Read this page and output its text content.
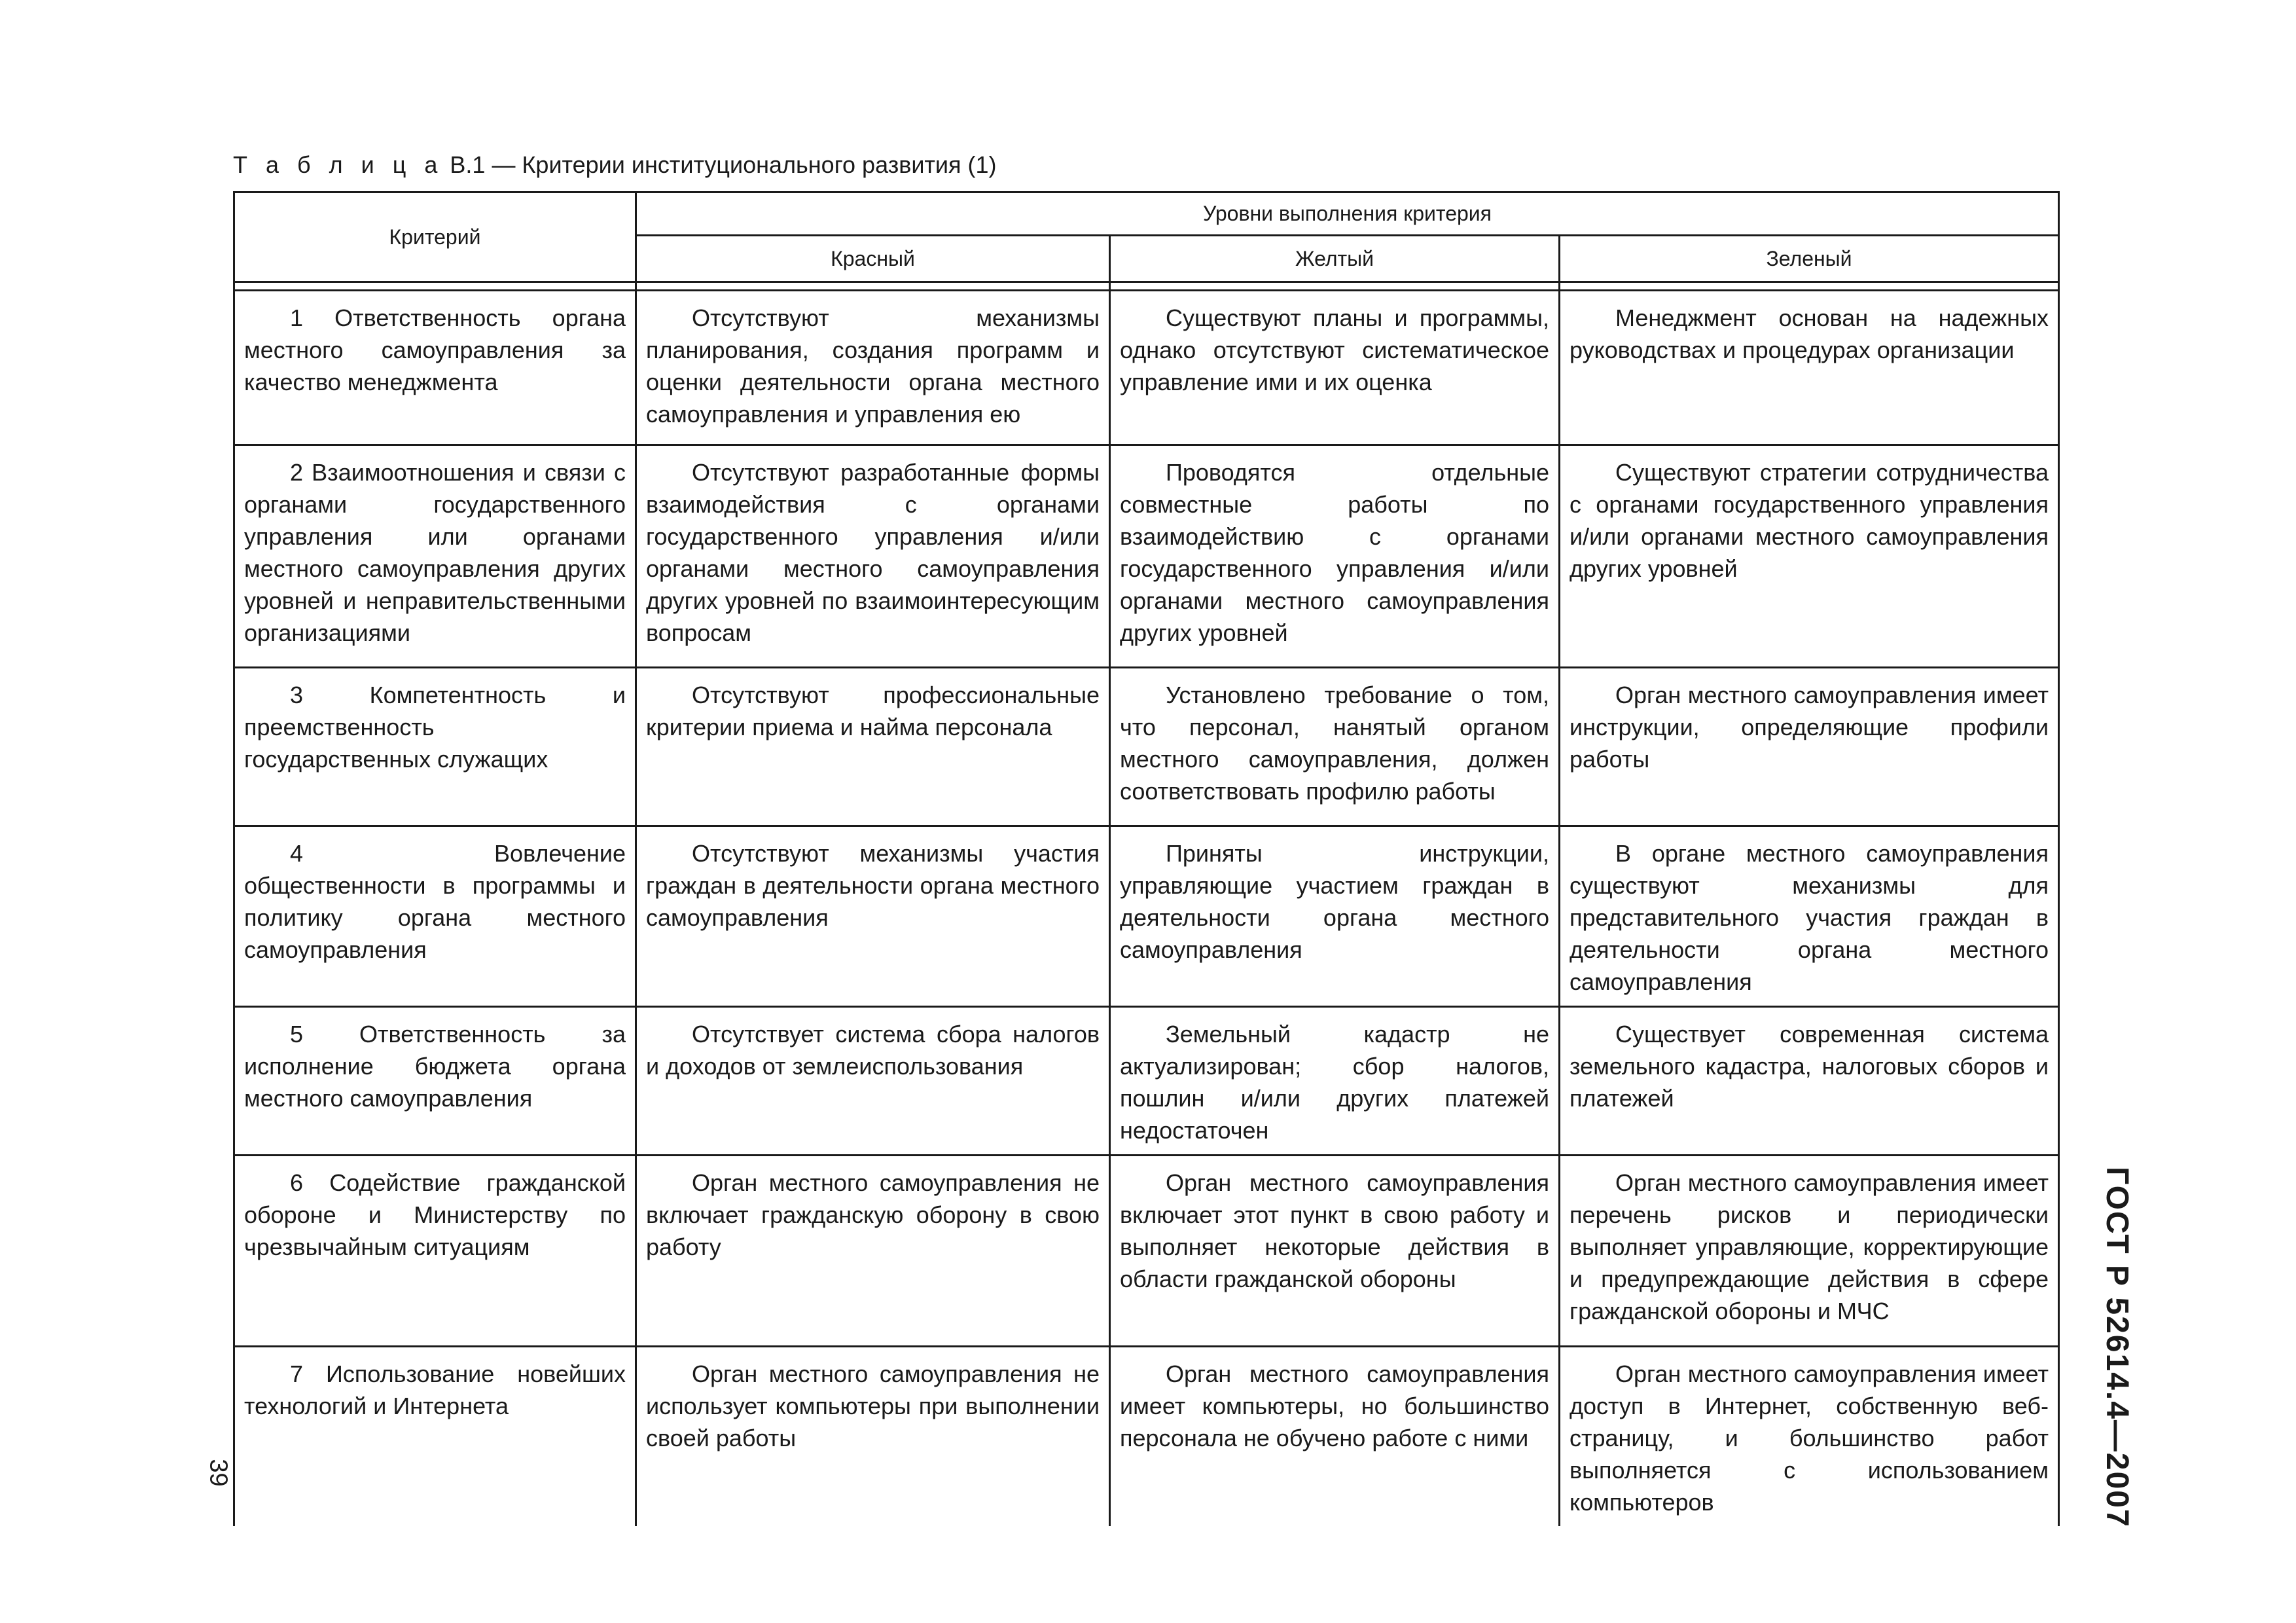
Т а б л и ц а В.1 — Критерии институционального развития (1)
Критерий	Уровни выполнения критерия		
	Красный	Желтый	Зеленый

1 Ответственность органа местного самоуправления за качество менеджмента	Отсутствуют механизмы планирования, создания программ и оценки деятельности органа местного самоуправления и управления ею	Существуют планы и программы, однако отсутствуют систематическое управление ими и их оценка	Менеджмент основан на надежных руководствах и процедурах организации
2 Взаимоотношения и связи с органами государственного управления или органами местного самоуправления других уровней и неправительственными организациями	Отсутствуют разработанные формы взаимодействия с органами государственного управления и/или органами местного самоуправления других уровней по взаимоинтересующим вопросам	Проводятся отдельные совместные работы по взаимодействию с органами государственного управления и/или органами местного самоуправления других уровней	Существуют стратегии сотрудничества с органами государственного управления и/или органами местного самоуправления других уровней
3 Компетентность и преемственность государственных служащих	Отсутствуют профессиональные критерии приема и найма персонала	Установлено требование о том, что персонал, нанятый органом местного самоуправления, должен соответствовать профилю работы	Орган местного самоуправления имеет инструкции, определяющие профили работы
4 Вовлечение общественности в программы и политику органа местного самоуправления	Отсутствуют механизмы участия граждан в деятельности органа местного самоуправления	Приняты инструкции, управляющие участием граждан в деятельности органа местного самоуправления	В органе местного самоуправления существуют механизмы для представительного участия граждан в деятельности органа местного самоуправления
5 Ответственность за исполнение бюджета органа местного самоуправления	Отсутствует система сбора налогов и доходов от землеиспользования	Земельный кадастр не актуализирован; сбор налогов, пошлин и/или других платежей недостаточен	Существует современная система земельного кадастра, налоговых сборов и платежей
6 Содействие гражданской обороне и Министерству по чрезвычайным ситуациям	Орган местного самоуправления не включает гражданскую оборону в свою работу	Орган местного самоуправления включает этот пункт в свою работу и выполняет некоторые действия в области гражданской обороны	Орган местного самоуправления имеет перечень рисков и периодически выполняет управляющие, корректирующие и предупреждающие действия в сфере гражданской обороны и МЧС
7 Использование новейших технологий и Интернета	Орган местного самоуправления не использует компьютеры при выполнении своей работы	Орган местного самоуправления имеет компьютеры, но большинство персонала не обучено работе с ними	Орган местного самоуправления имеет доступ в Интернет, собственную веб-страницу, и большинство работ выполняется с использованием компьютеров
39	ГОСТ Р 52614.4—2007
